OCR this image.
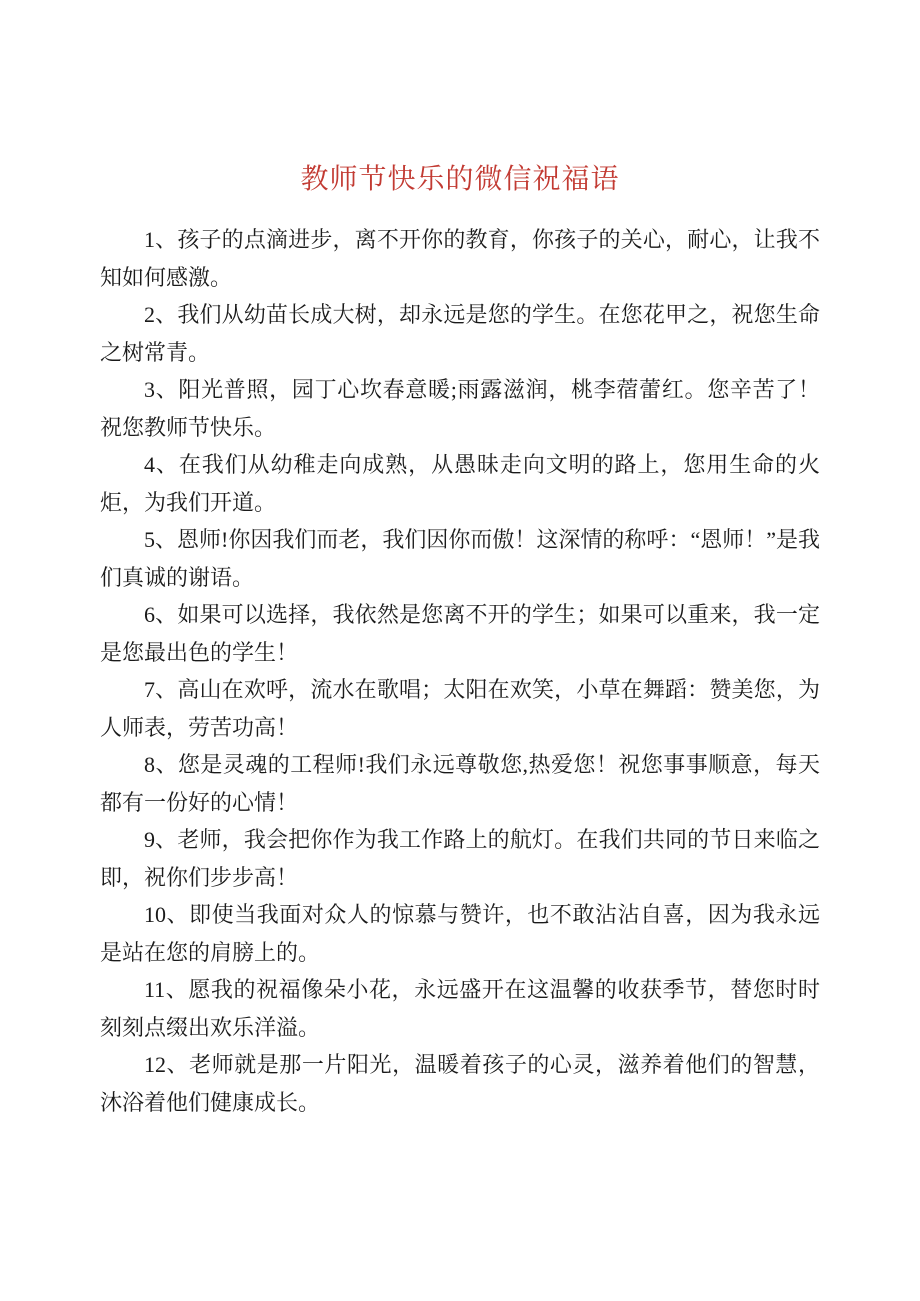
教师节快乐的微信祝福语

1、孩子的点滴进步，离不开你的教育，你孩子的关心，耐心，让我不知如何感激。

2、我们从幼苗长成大树，却永远是您的学生。在您花甲之，祝您生命之树常青。

3、阳光普照，园丁心坎春意暖;雨露滋润，桃李蓿蕾红。您辛苦了！祝您教师节快乐。

4、在我们从幼稚走向成熟，从愚昧走向文明的路上，您用生命的火炬，为我们开道。

5、恩师!你因我们而老，我们因你而傲！这深情的称呼：“恩师！”是我们真诚的谢语。

6、如果可以选择，我依然是您离不开的学生；如果可以重来，我一定是您最出色的学生！

7、高山在欢呼，流水在歌唱；太阳在欢笑，小草在舞蹈：赞美您，为人师表，劳苦功高！

8、您是灵魂的工程师!我们永远尊敬您,热爱您！祝您事事顺意，每天都有一份好的心情！

9、老师，我会把你作为我工作路上的航灯。在我们共同的节日来临之即，祝你们步步高！

10、即使当我面对众人的惊慕与赞许，也不敢沾沾自喜，因为我永远是站在您的肩膀上的。

11、愿我的祝福像朵小花，永远盛开在这温馨的收获季节，替您时时刻刻点缀出欢乐洋溢。

12、老师就是那一片阳光，温暖着孩子的心灵，滋养着他们的智慧，沐浴着他们健康成长。
